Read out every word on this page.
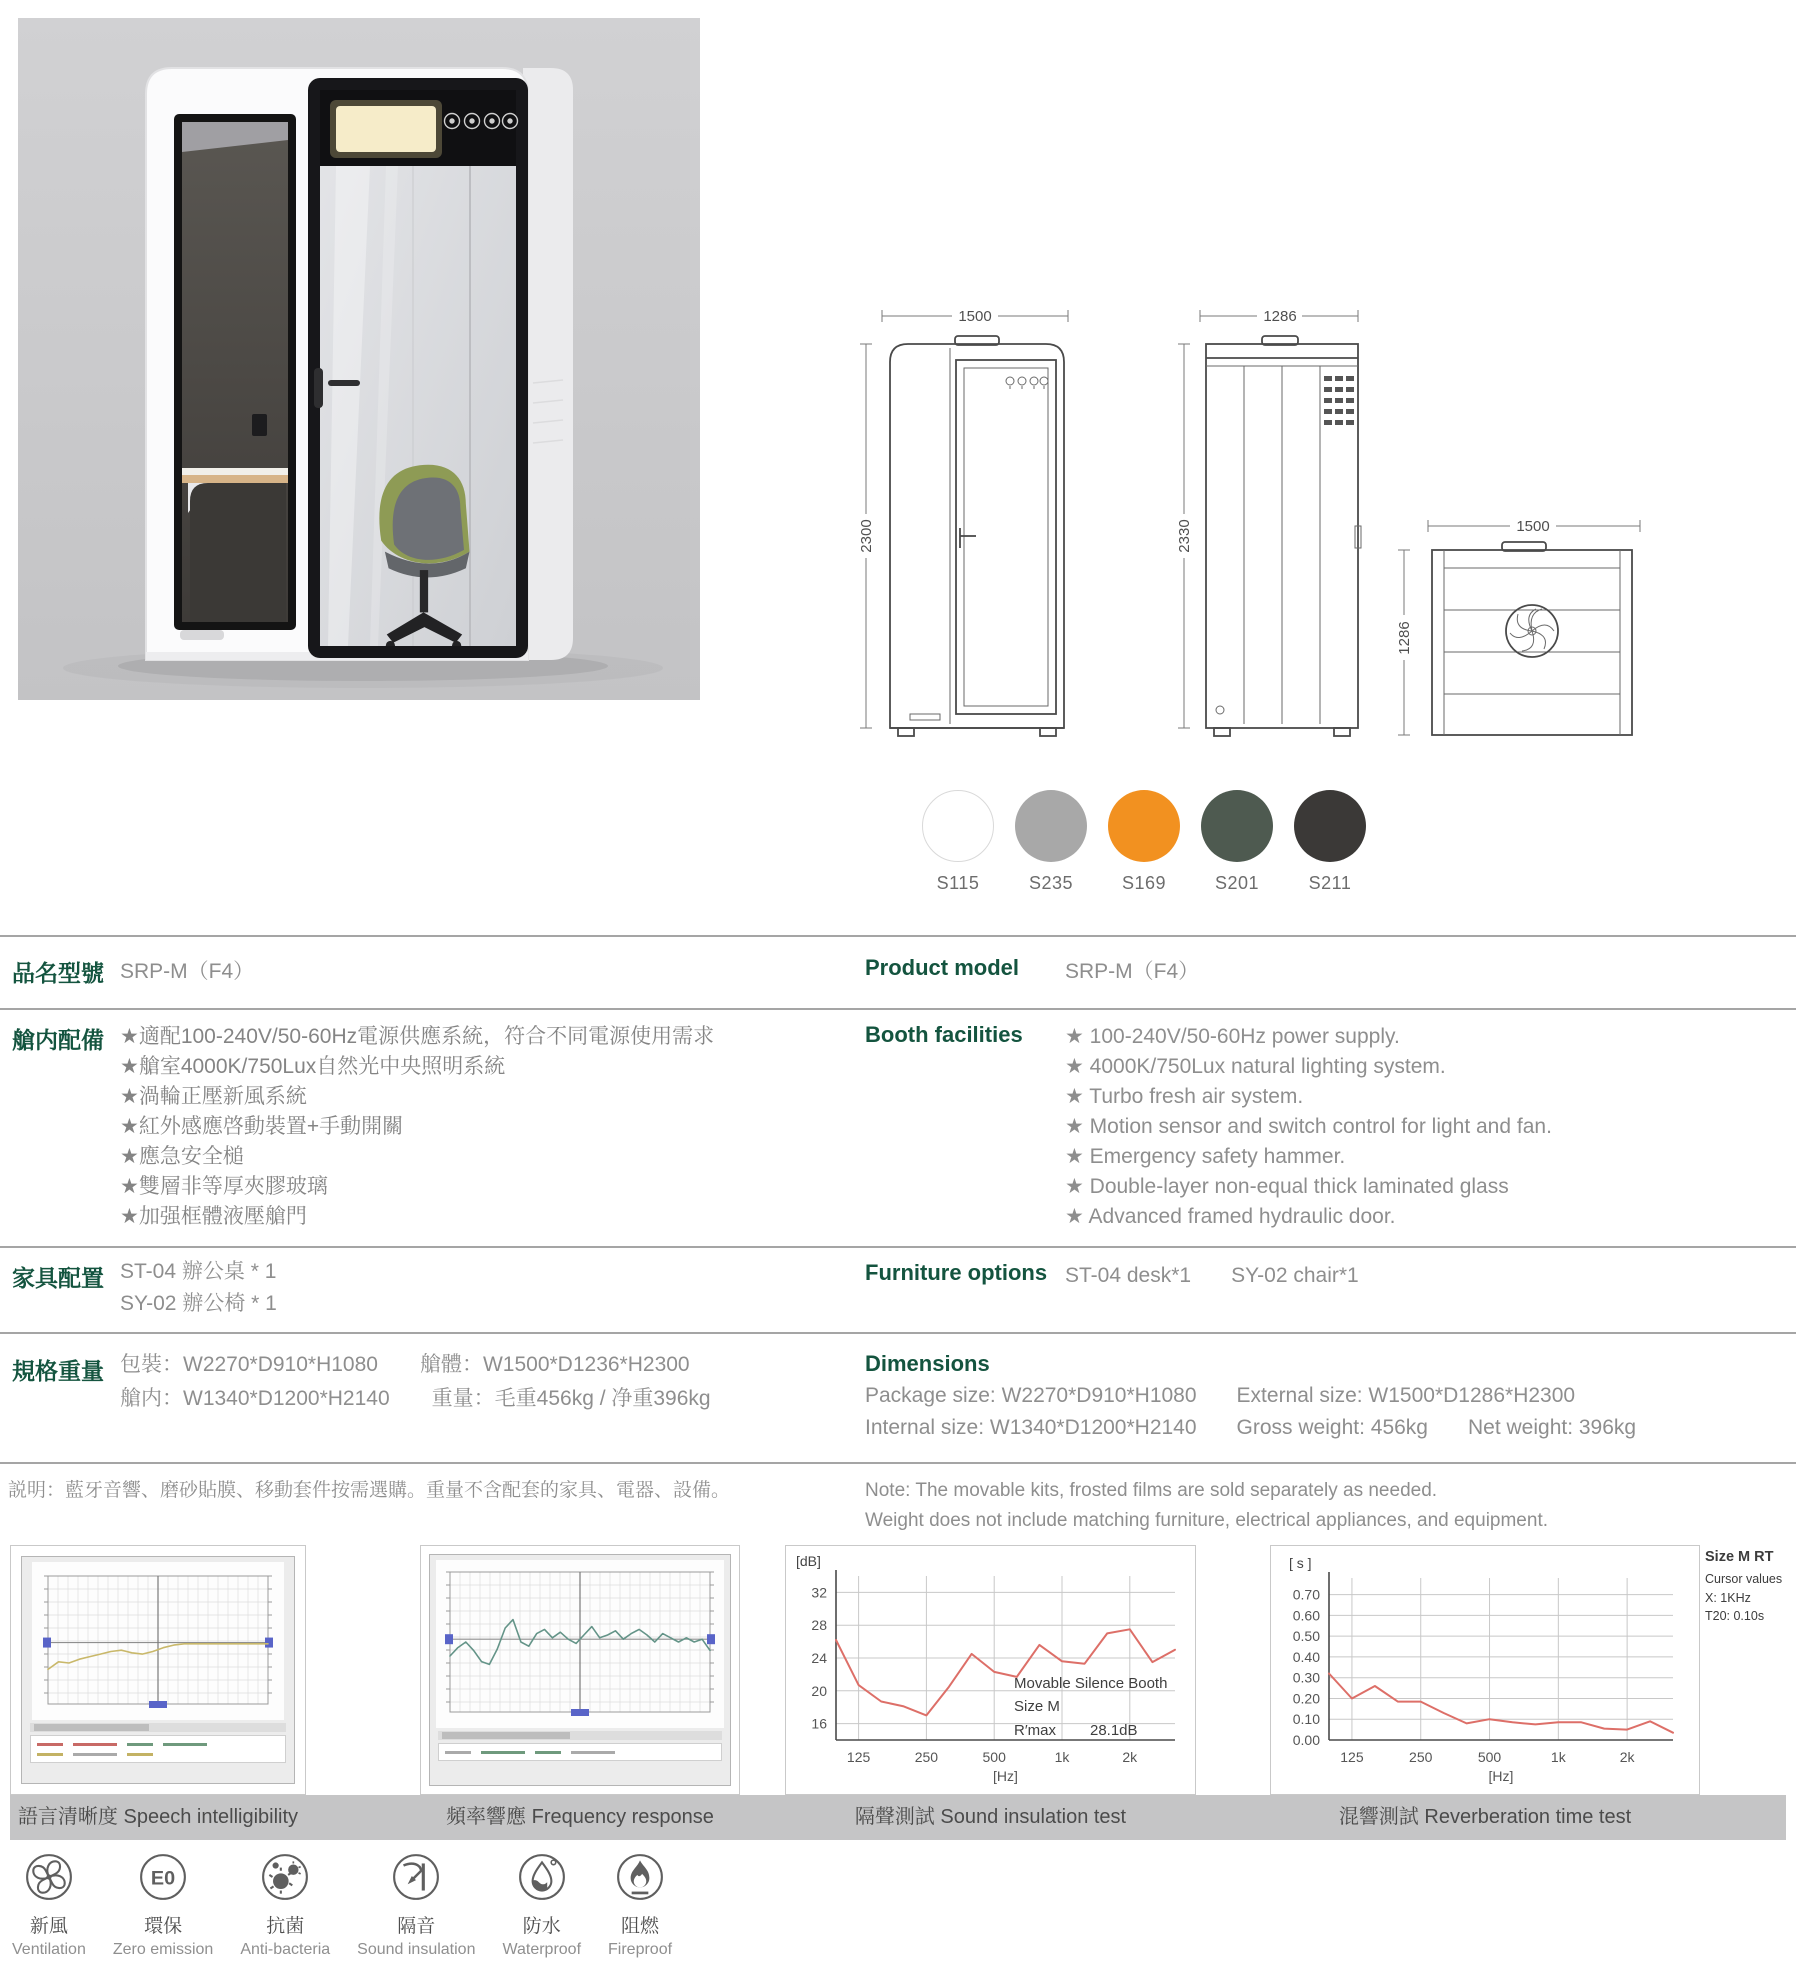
1500
2300
1286
2330	1500
1286
S115	S235	S169	S201	S211
品名型號 SRP-M（F4）	Product model	SRP-M（F4）
艙内配備 ★適配100-240V/50-60Hz電源供應系統，符合不同電源使用需求
★艙室4000K/750Lux自然光中央照明系統
★渦輪正壓新風系統
★紅外感應啓動裝置+手動開關
★應急安全槌
★雙層非等厚夾膠玻璃
★加强框體液壓艙門
Booth facilities	★ 100-240V/50-60Hz power supply.
★ 4000K/750Lux natural lighting system.
★ Turbo fresh air system.
★ Motion sensor and switch control for light and fan.
★ Emergency safety hammer.
★ Double-layer non-equal thick laminated glass
★ Advanced framed hydraulic door.
家具配置 ST-04 辦公桌 * 1
SY-02 辦公椅 * 1
Furniture options ST-04 desk*1 SY-02 chair*1
規格重量 包裝：W2270*D910*H1080 艙體：W1500*D1236*H2300
艙内：W1340*D1200*H2140 重量：毛重456kg / 净重396kg
Dimensions
Package size: W2270*D910*H1080 External size: W1500*D1286*H2300
Internal size: W1340*D1200*H2140 Gross weight: 456kg Net weight: 396kg
説明：藍牙音響、磨砂貼膜、移動套件按需選購。重量不含配套的家具、電器、設備。	Note: The movable kits, frosted films are sold separately as needed.
Weight does not include matching furniture, electrical appliances, and equipment.
16
20
24
28
32
125	250	500	1k	2k
[dB]
[Hz]
Movable Silence Booth
Size M
R′max 28.1dB
0.00
0.10
0.20
0.30
0.40
0.50
0.60
0.70
125	250	500	1k	2k
[ s ]
[Hz]
Size M RT
Cursor values
X: 1KHz
T20: 0.10s
語言清晰度 Speech intelligibility	頻率響應 Frequency response	隔聲測試 Sound insulation test	混響測試 Reverberation time test
新風
Ventilation
E0
環保
Zero emission
抗菌
Anti-bacteria
隔音
Sound insulation
防水
Waterproof
阻燃
Fireproof
